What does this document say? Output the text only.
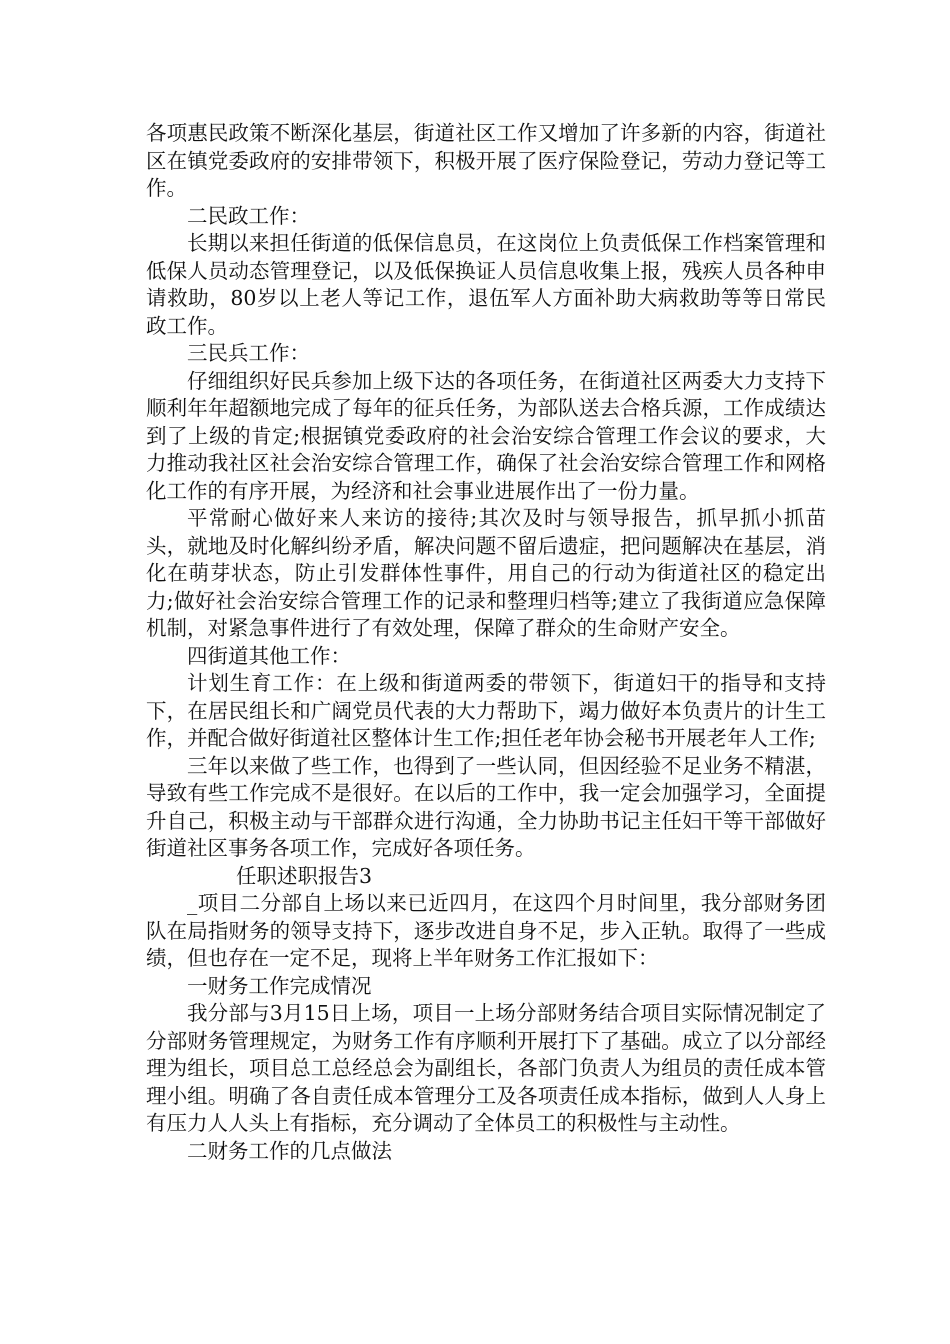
各项惠民政策不断深化基层，街道社区工作又增加了许多新的内容，街道社区在镇党委政府的安排带领下，积极开展了医疗保险登记，劳动力登记等工作。

二民政工作：

长期以来担任街道的低保信息员，在这岗位上负责低保工作档案管理和低保人员动态管理登记，以及低保换证人员信息收集上报，残疾人员各种申请救助，80岁以上老人等记工作，退伍军人方面补助大病救助等等日常民政工作。

三民兵工作：

仔细组织好民兵参加上级下达的各项任务，在街道社区两委大力支持下顺利年年超额地完成了每年的征兵任务，为部队送去合格兵源，工作成绩达到了上级的肯定;根据镇党委政府的社会治安综合管理工作会议的要求，大力推动我社区社会治安综合管理工作，确保了社会治安综合管理工作和网格化工作的有序开展，为经济和社会事业进展作出了一份力量。

平常耐心做好来人来访的接待;其次及时与领导报告，抓早抓小抓苗头，就地及时化解纠纷矛盾，解决问题不留后遗症，把问题解决在基层，消化在萌芽状态，防止引发群体性事件，用自己的行动为街道社区的稳定出力;做好社会治安综合管理工作的记录和整理归档等;建立了我街道应急保障机制，对紧急事件进行了有效处理，保障了群众的生命财产安全。

四街道其他工作：

计划生育工作：在上级和街道两委的带领下，街道妇干的指导和支持下，在居民组长和广阔党员代表的大力帮助下，竭力做好本负责片的计生工作，并配合做好街道社区整体计生工作;担任老年协会秘书开展老年人工作;

三年以来做了些工作，也得到了一些认同，但因经验不足业务不精湛，导致有些工作完成不是很好。在以后的工作中，我一定会加强学习，全面提升自己，积极主动与干部群众进行沟通，全力协助书记主任妇干等干部做好街道社区事务各项工作，完成好各项任务。

任职述职报告3

_项目二分部自上场以来已近四月，在这四个月时间里，我分部财务团队在局指财务的领导支持下，逐步改进自身不足，步入正轨。取得了一些成绩，但也存在一定不足，现将上半年财务工作汇报如下：

一财务工作完成情况

我分部与3月15日上场，项目一上场分部财务结合项目实际情况制定了分部财务管理规定，为财务工作有序顺利开展打下了基础。成立了以分部经理为组长，项目总工总经总会为副组长，各部门负责人为组员的责任成本管理小组。明确了各自责任成本管理分工及各项责任成本指标，做到人人身上有压力人人头上有指标，充分调动了全体员工的积极性与主动性。

二财务工作的几点做法
